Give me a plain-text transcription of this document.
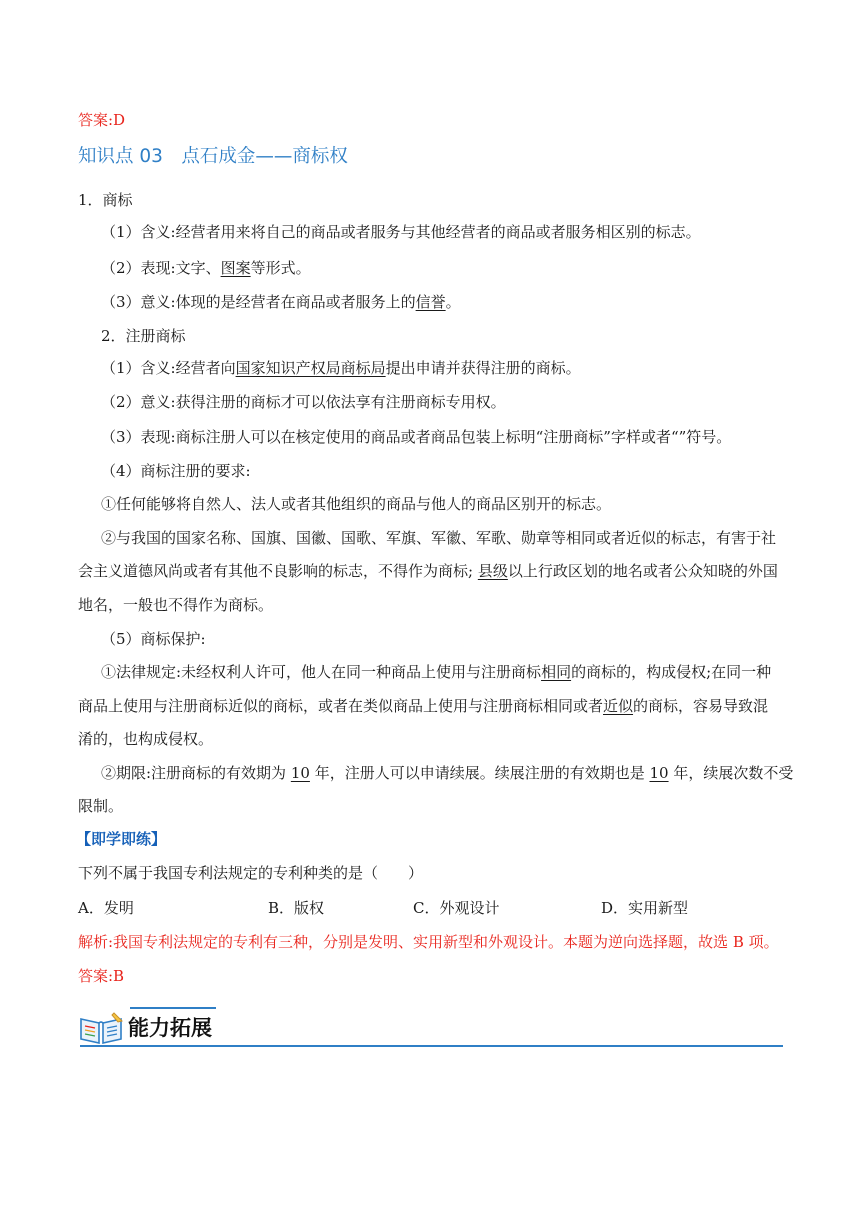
答案:D
知识点 03　点石成金——商标权
1．商标
（1）含义:经营者用来将自己的商品或者服务与其他经营者的商品或者服务相区别的标志。
（2）表现:文字、图案等形式。
（3）意义:体现的是经营者在商品或者服务上的信誉。
2．注册商标
（1）含义:经营者向国家知识产权局商标局提出申请并获得注册的商标。
（2）意义:获得注册的商标才可以依法享有注册商标专用权。
（3）表现:商标注册人可以在核定使用的商品或者商品包装上标明“注册商标”字样或者“”符号。
（4）商标注册的要求:
①任何能够将自然人、法人或者其他组织的商品与他人的商品区别开的标志。
②与我国的国家名称、国旗、国徽、国歌、军旗、军徽、军歌、勋章等相同或者近似的标志，有害于社
会主义道德风尚或者有其他不良影响的标志，不得作为商标; 县级以上行政区划的地名或者公众知晓的外国
地名，一般也不得作为商标。
（5）商标保护:
①法律规定:未经权利人许可，他人在同一种商品上使用与注册商标相同的商标的，构成侵权;在同一种
商品上使用与注册商标近似的商标，或者在类似商品上使用与注册商标相同或者近似的商标，容易导致混
淆的，也构成侵权。
②期限:注册商标的有效期为 10 年，注册人可以申请续展。续展注册的有效期也是 10 年，续展次数不受
限制。
【即学即练】
下列不属于我国专利法规定的专利种类的是（　　）
A．发明	B．版权	C．外观设计	D．实用新型
解析:我国专利法规定的专利有三种，分别是发明、实用新型和外观设计。本题为逆向选择题，故选 B 项。
答案:B
能力拓展
